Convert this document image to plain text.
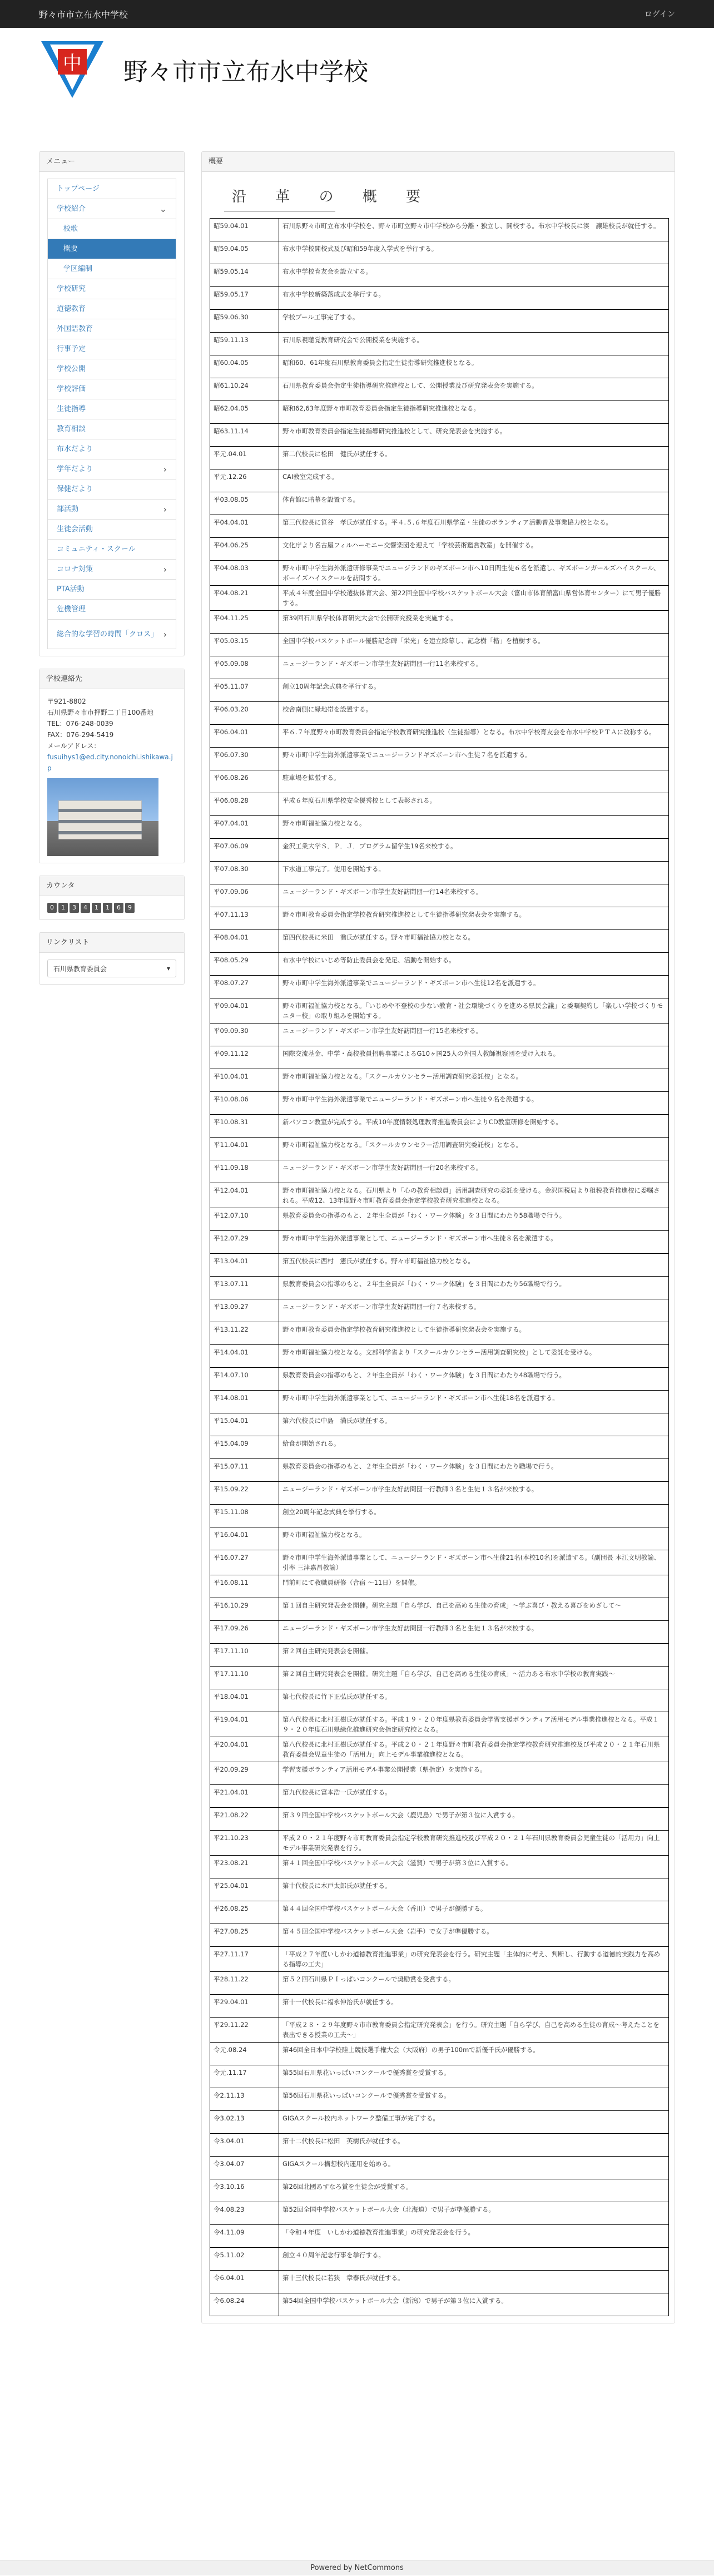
野々市市立布水中学校	ログイン
中 野々市市立布水中学校
メニュー
トップページ
学校紹介	⌄
校歌
概要
学区編制
学校研究
道徳教育
外国語教育
行事予定
学校公開
学校評価
生徒指導
教育相談
布水だより
学年だより	›
保健だより
部活動	›
生徒会活動
コミュニティ・スクール
コロナ対策	›
PTA活動
危機管理
総合的な学習の時間「クロス」 ›
学校連絡先

〒921-8802

石川県野々市市押野二丁目100番地

TEL：076-248-0039

FAX：076-294-5419

メールアドレス：

fusuihys1@ed.city.nonoichi.ishikawa.jp

カウンタ
0	1	3	4	1	1	6	9
リンクリスト
石川県教育委員会	▾
概要
沿 革 の 概 要
昭59.04.01	石川県野々市町立布水中学校を、野々市町立野々市中学校から分離・独立し、開校する。布水中学校長に湊　讓雄校長が就任する。
昭59.04.05	布水中学校開校式及び昭和59年度入学式を挙行する。
昭59.05.14	布水中学校育友会を設立する。
昭59.05.17	布水中学校新築落成式を挙行する。
昭59.06.30	学校プール工事完了する。
昭59.11.13	石川県視聴覚教育研究会で公開授業を実施する。
昭60.04.05	昭和60、61年度石川県教育委員会指定生徒指導研究推進校となる。
昭61.10.24	石川県教育委員会指定生徒指導研究推進校として、公開授業及び研究発表会を実施する。
昭62.04.05	昭和62,63年度野々市町教育委員会指定生徒指導研究推進校となる。
昭63.11.14	野々市町教育委員会指定生徒指導研究推進校として、研究発表会を実施する。
平元.04.01	第二代校長に松田　健氏が就任する。
平元.12.26	CAI教室完成する。
平03.08.05	体育館に暗幕を設置する。
平04.04.01	第三代校長に笹谷　孝氏が就任する。平４.５.６年度石川県学童・生徒のボランティア活動普及事業協力校となる。
平04.06.25	文化庁より名古屋フィルハーモニー交響楽団を迎えて「学校芸術鑑賞教室」を開催する。
平04.08.03	野々市町中学生海外派遣研修事業でニュージランドのギズボーン市へ10日間生徒６名を派遣し、ギズボーンガールズハイスクール、ボーイズハイスクールを訪問する。
平04.08.21	平成４年度全国中学校選抜体育大会、第22回全国中学校バスケットボール大会（富山市体育館富山県営体育センター）にて男子優勝する。
平04.11.25	第39回石川県学校体育研究大会で公開研究授業を実施する。
平05.03.15	全国中学校バスケットボール優勝記念碑「栄光」を建立除幕し、記念樹「楷」を植樹する。
平05.09.08	ニュージーランド・ギズボーン市学生友好訪問団一行11名来校する。
平05.11.07	創立10周年記念式典を挙行する。
平06.03.20	校舎南側に緑地帯を設置する。
平06.04.01	平６.７年度野々市町教育委員会指定学校教育研究推進校（生徒指導）となる。布水中学校育友会を布水中学校ＰＴＡに改称する。
平06.07.30	野々市町中学生海外派遣事業でニュージーランドギズボーン市へ生徒７名を派遣する。
平06.08.26	駐車場を拡張する。
平06.08.28	平成６年度石川県学校安全優秀校として表彰される。
平07.04.01	野々市町福祉協力校となる。
平07.06.09	金沢工業大学Ｓ．Ｐ．Ｊ．プログラム留学生19名来校する。
平07.08.30	下水道工事完了。使用を開始する。
平07.09.06	ニュージーランド・ギズボーン市学生友好訪問団一行14名来校する。
平07.11.13	野々市町教育委員会指定学校教育研究推進校として生徒指導研究発表会を実施する。
平08.04.01	第四代校長に米田　喬氏が就任する。野々市町福祉協力校となる。
平08.05.29	布水中学校にいじめ等防止委員会を発足、活動を開始する。
平08.07.27	野々市町中学生海外派遣事業でニュージーランド・ギズボーン市へ生徒12名を派遣する。
平09.04.01	野々市町福祉協力校となる。「いじめや不登校の少ない教育・社会環境づくりを進める県民会議」と委嘱契約し「楽しい学校づくりモニター校」の取り組みを開始する。
平09.09.30	ニュージーランド・ギズボーン市学生友好訪問団一行15名来校する。
平09.11.12	国際交流基金、中学・高校教員招聘事業によるG10ヶ国25人の外国人教師視察団を受け入れる。
平10.04.01	野々市町福祉協力校となる。「スクールカウンセラー活用調査研究委託校」となる。
平10.08.06	野々市町中学生海外派遣事業でニュージーランド・ギズボーン市へ生徒９名を派遣する。
平10.08.31	新パソコン教室が完成する。平成10年度情報処理教育推進委員会によりCD教室研修を開始する。
平11.04.01	野々市町福祉協力校となる。「スクールカウンセラー活用調査研究委託校」となる。
平11.09.18	ニュージーランド・ギズボーン市学生友好訪問団一行20名来校する。
平12.04.01	野々市町福祉協力校となる。石川県より「心の教育相談員」活用調査研究の委託を受ける。金沢国税局より租税教育推進校に委嘱される。平成12、13年度野々市町教育委員会指定学校教育研究推進校となる。
平12.07.10	県教育委員会の指導のもと、２年生全員が「わく・ワーク体験」を３日間にわたり58職場で行う。
平12.07.29	野々市町中学生海外派遣事業として、ニュージーランド・ギズボーン市へ生徒８名を派遣する。
平13.04.01	第五代校長に西村　憲氏が就任する。野々市町福祉協力校となる。
平13.07.11	県教育委員会の指導のもと、２年生全員が「わく・ワーク体験」を３日間にわたり56職場で行う。
平13.09.27	ニュージーランド・ギズボーン市学生友好訪問団一行７名来校する。
平13.11.22	野々市町教育委員会指定学校教育研究推進校として生徒指導研究発表会を実施する。
平14.04.01	野々市町福祉協力校となる。文部科学省より「スクールカウンセラー活用調査研究校」として委託を受ける。
平14.07.10	県教育委員会の指導のもと、２年生全員が「わく・ワーク体験」を３日間にわたり48職場で行う。
平14.08.01	野々市町中学生海外派遣事業として、ニュージーランド・ギズボーン市へ生徒18名を派遣する。
平15.04.01	第六代校長に中島　満氏が就任する。
平15.04.09	給食が開始される。
平15.07.11	県教育委員会の指導のもと、２年生全員が「わく・ワーク体験」を３日間にわたり職場で行う。
平15.09.22	ニュージーランド・ギズボーン市学生友好訪問団一行教師３名と生徒１３名が来校する。
平15.11.08	創立20周年記念式典を挙行する。
平16.04.01	野々市町福祉協力校となる。
平16.07.27	野々市町中学生海外派遣事業として、ニュージーランド・ギズボーン市へ生徒21名(本校10名)を派遣する。（副団長 本江文明教諭、引率 三津嘉昌教諭）
平16.08.11	門前町にて教職員研修（合宿 〜11日）を開催。
平16.10.29	第１回自主研究発表会を開催。研究主題「自ら学び、自己を高める生徒の育成」〜学ぶ喜び・教える喜びをめざして〜
平17.09.26	ニュージーランド・ギズボーン市学生友好訪問団一行教師３名と生徒１３名が来校する。
平17.11.10	第２回自主研究発表会を開催。
平17.11.10	第２回自主研究発表会を開催。研究主題「自ら学び、自己を高める生徒の育成」〜活力ある布水中学校の教育実践〜
平18.04.01	第七代校長に竹下正弘氏が就任する。
平19.04.01	第八代校長に北村正樹氏が就任する。平成１９・２０年度県教育委員会学習支援ボランティア活用モデル事業推進校となる。平成１９・２０年度石川県緑化推進研究会指定研究校となる。
平20.04.01	第八代校長に北村正樹氏が就任する。平成２０・２１年度野々市町教育委員会指定学校教育研究推進校及び平成２０・２１年石川県教育委員会児童生徒の「活用力」向上モデル事業推進校となる。
平20.09.29	学習支援ボランティア活用モデル事業公開授業（県指定）を実施する。
平21.04.01	第九代校長に富本浩一氏が就任する。
平21.08.22	第３９回全国中学校バスケットボール大会（鹿児島）で男子が第３位に入賞する。
平21.10.23	平成２０・２１年度野々市町教育委員会指定学校教育研究推進校及び平成２０・２１年石川県教育委員会児童生徒の「活用力」向上モデル事業研究発表を行う。
平23.08.21	第４１回全国中学校バスケットボール大会（滋賀）で男子が第３位に入賞する。
平25.04.01	第十代校長に木戸太郎氏が就任する。
平26.08.25	第４４回全国中学校バスケットボール大会（香川）で男子が優勝する。
平27.08.25	第４５回全国中学校バスケットボール大会（岩手）で女子が準優勝する。
平27.11.17	「平成２７年度いしかわ道徳教育推進事業」の研究発表会を行う。研究主題「主体的に考え、判断し、行動する道徳的実践力を高める指導の工夫」
平28.11.22	第５２回石川県ＰＩっぱいコンクールで奨励賞を受賞する。
平29.04.01	第十一代校長に福永伸治氏が就任する。
平29.11.22	「平成２８・２９年度野々市市教育委員会指定研究発表会」を行う。研究主題「自ら学び、自己を高める生徒の育成〜考えたことを表出できる授業の工夫〜」
令元.08.24	第46回全日本中学校陸上競技選手権大会（大阪府）の男子100mで新優千氏が優勝する。
令元.11.17	第55回石川県花いっぱいコンクールで優秀賞を受賞する。
令2.11.13	第56回石川県花いっぱいコンクールで優秀賞を受賞する。
令3.02.13	GIGAスクール校内ネットワーク整備工事が完了する。
令3.04.01	第十二代校長に松田　英樹氏が就任する。
令3.04.07	GIGAスクール構想校内運用を始める。
令3.10.16	第26回北國あすなろ賞を生徒会が受賞する。
令4.08.23	第52回全国中学校バスケットボール大会（北海道）で男子が準優勝する。
令4.11.09	「令和４年度　いしかわ道徳教育推進事業」の研究発表会を行う。
令5.11.02	創立４０周年記念行事を挙行する。
令6.04.01	第十三代校長に若狭　章泰氏が就任する。
令6.08.24	第54回全国中学校バスケットボール大会（新潟）で男子が第３位に入賞する。
Powered by NetCommons
